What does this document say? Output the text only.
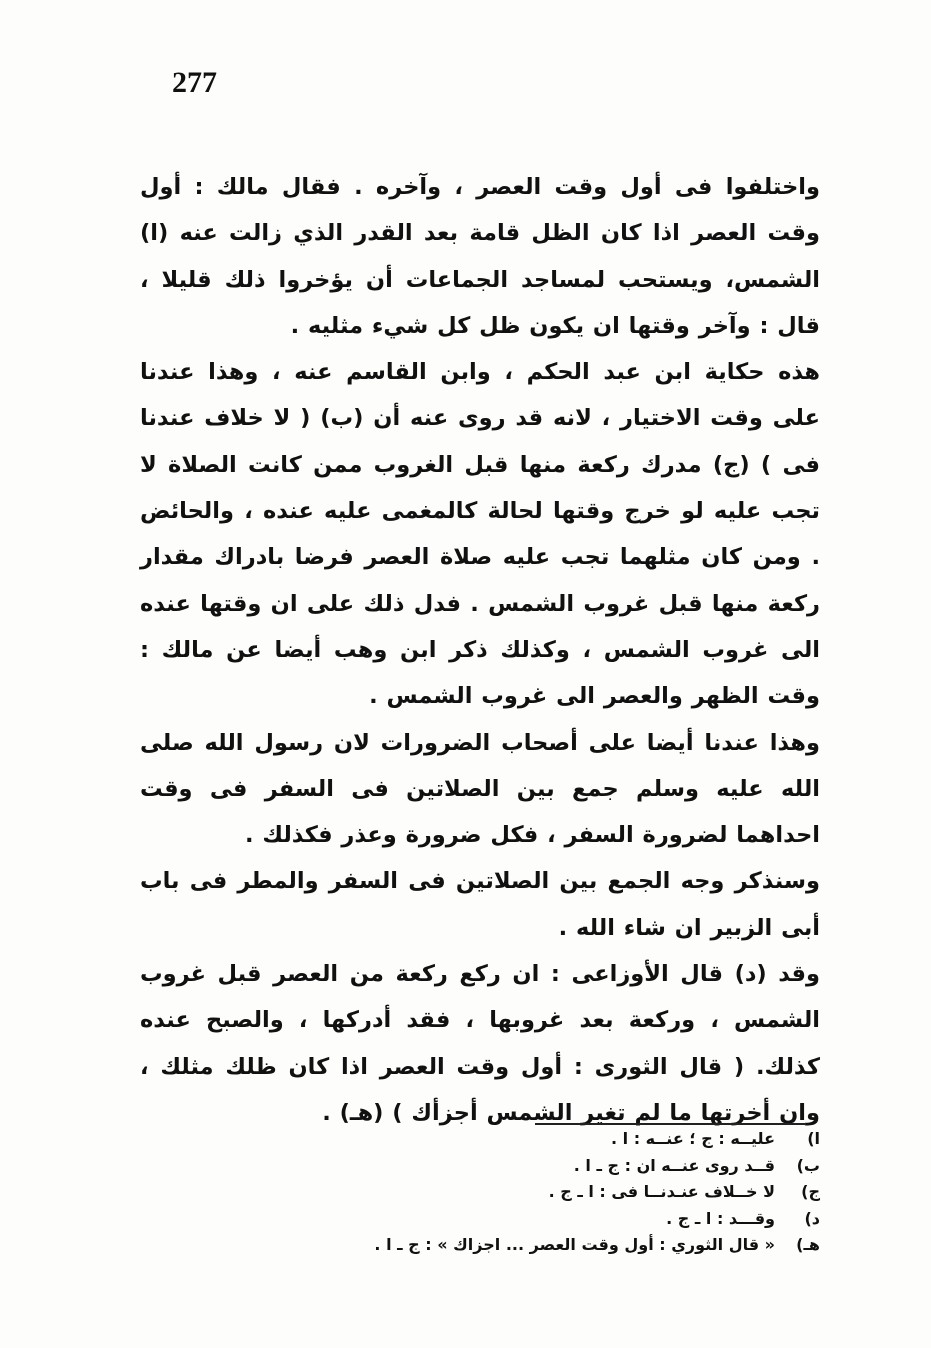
277

واختلفوا فى أول وقت العصر ، وآخره . فقال مالك : أول وقت العصر اذا كان الظل قامة بعد القدر الذي زالت عنه (ا) الشمس، ويستحب لمساجد الجماعات أن يؤخروا ذلك قليلا ، قال : وآخر وقتها ان يكون ظل كل شيء مثليه .

هذه حكاية ابن عبد الحكم ، وابن القاسم عنه ، وهذا عندنا على وقت الاختيار ، لانه قد روى عنه أن (ب) ( لا خلاف عندنا فى ) (ج) مدرك ركعة منها قبل الغروب ممن كانت الصلاة لا تجب عليه لو خرج وقتها لحالة كالمغمى عليه عنده ، والحائض . ومن كان مثلهما تجب عليه صلاة العصر فرضا بادراك مقدار ركعة منها قبل غروب الشمس . فدل ذلك على ان وقتها عنده الى غروب الشمس ، وكذلك ذكر ابن وهب أيضا عن مالك : وقت الظهر والعصر الى غروب الشمس .

وهذا عندنا أيضا على أصحاب الضرورات لان رسول الله صلى الله عليه وسلم جمع بين الصلاتين فى السفر فى وقت احداهما لضرورة السفر ، فكل ضرورة وعذر فكذلك .

وسنذكر وجه الجمع بين الصلاتين فى السفر والمطر فى باب أبى الزبير ان شاء الله .

وقد (د) قال الأوزاعى : ان ركع ركعة من العصر قبل غروب الشمس ، وركعة بعد غروبها ، فقد أدركها ، والصبح عنده كذلك. ( قال الثورى : أول وقت العصر اذا كان ظلك مثلك ، وان أخرتها ما لم تغير الشمس أجزأك ) (هـ) .

ا)
عليــه : ج ؛ عنــه : ا .
ب)
قــد روى عنــه ان : ج ـ ا .
ج)
لا خــلاف عنـدنــا فى : ا ـ ج .
د)
وقـــد : ا ـ ج .
هـ)
« قال الثوري : أول وقت العصر ... اجزاك » : ج ـ ا .
